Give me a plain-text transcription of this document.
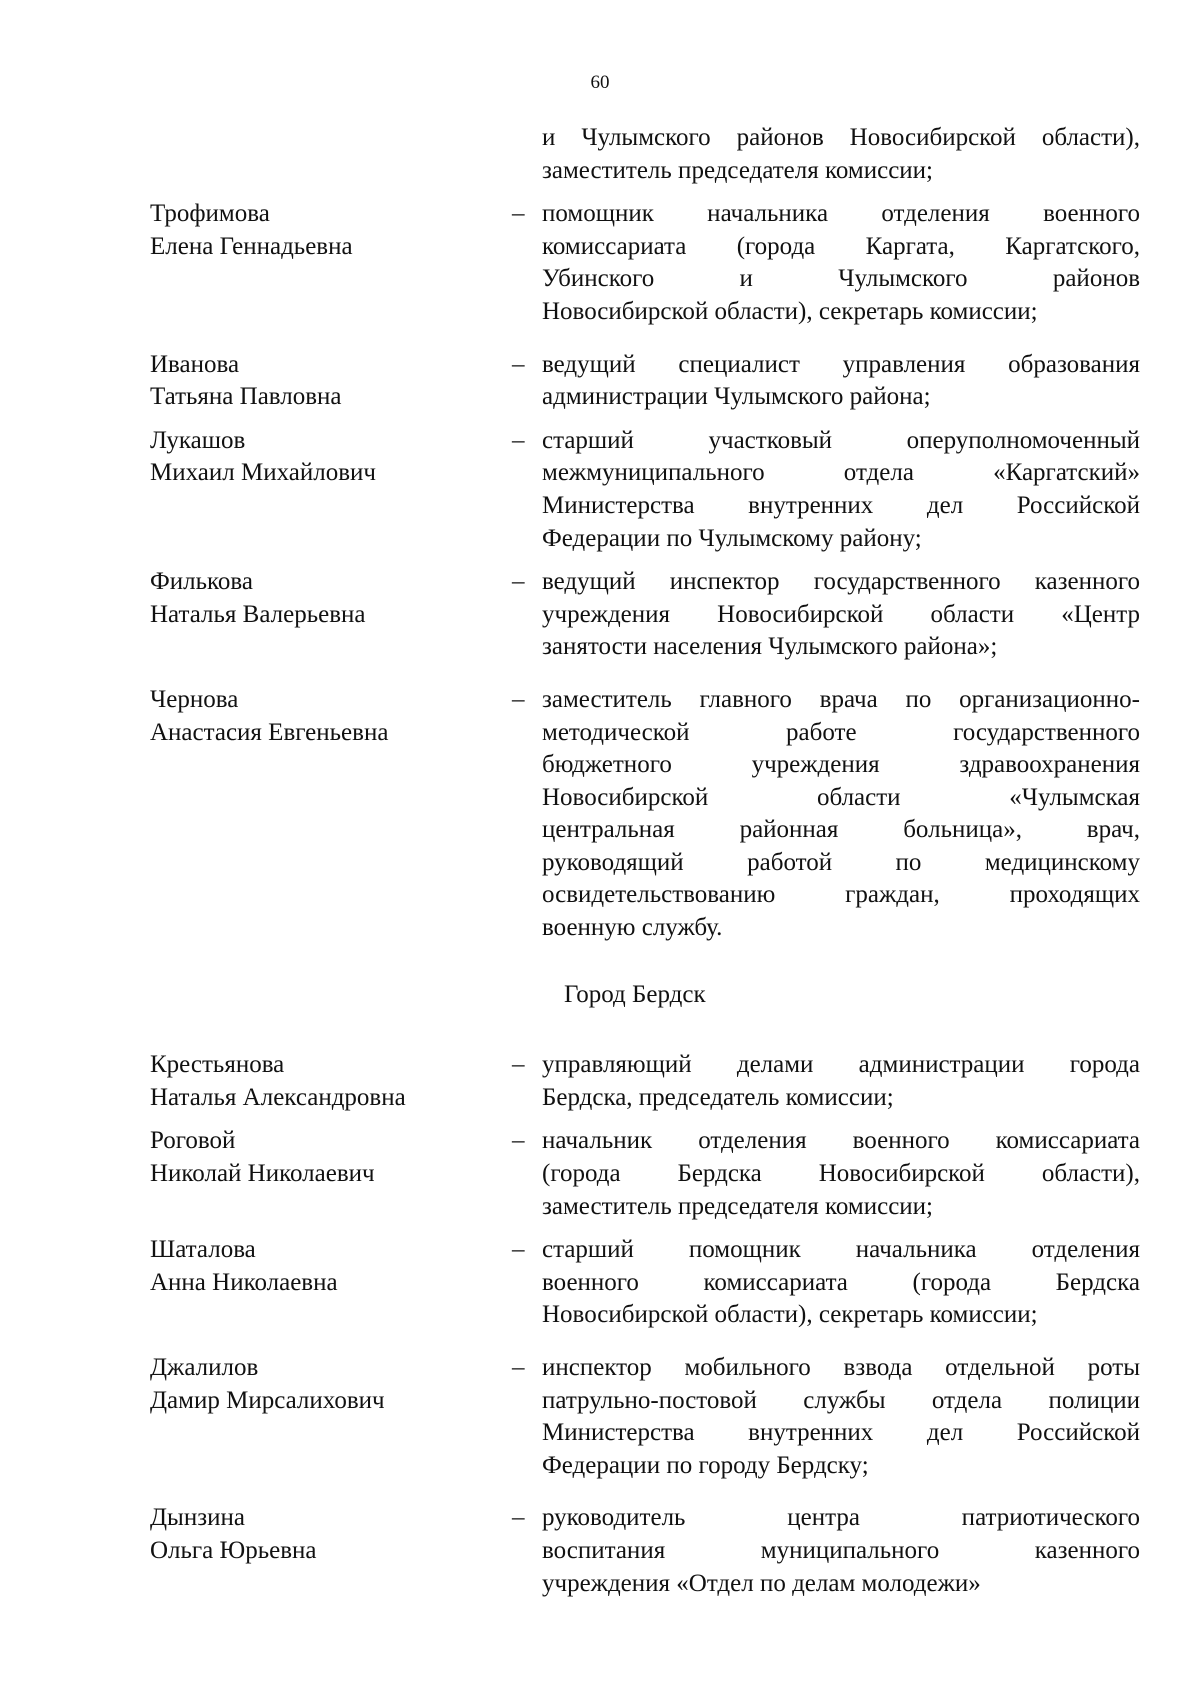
60
и Чулымского районов Новосибирской области),
заместитель председателя комиссии;
Трофимова
Елена Геннадьевна
– помощник начальника отделения военного
комиссариата (города Каргата, Каргатского,
Убинского и Чулымского районов
Новосибирской области), секретарь комиссии;
Иванова
Татьяна Павловна
– ведущий специалист управления образования
администрации Чулымского района;
Лукашов
Михаил Михайлович
– старший участковый оперуполномоченный
межмуниципального отдела «Каргатский»
Министерства внутренних дел Российской
Федерации по Чулымскому району;
Филькова
Наталья Валерьевна
– ведущий инспектор государственного казенного
учреждения Новосибирской области «Центр
занятости населения Чулымского района»;
Чернова
Анастасия Евгеньевна
– заместитель главного врача по организационно-
методической работе государственного
бюджетного учреждения здравоохранения
Новосибирской области «Чулымская
центральная районная больница», врач,
руководящий работой по медицинскому
освидетельствованию граждан, проходящих
военную службу.
Город Бердск
Крестьянова
Наталья Александровна
– управляющий делами администрации города
Бердска, председатель комиссии;
Роговой
Николай Николаевич
– начальник отделения военного комиссариата
(города Бердска Новосибирской области),
заместитель председателя комиссии;
Шаталова
Анна Николаевна
– старший помощник начальника отделения
военного комиссариата (города Бердска
Новосибирской области), секретарь комиссии;
Джалилов
Дамир Мирсалихович
– инспектор мобильного взвода отдельной роты
патрульно-постовой службы отдела полиции
Министерства внутренних дел Российской
Федерации по городу Бердску;
Дынзина
Ольга Юрьевна
– руководитель центра патриотического
воспитания муниципального казенного
учреждения «Отдел по делам молодежи»
